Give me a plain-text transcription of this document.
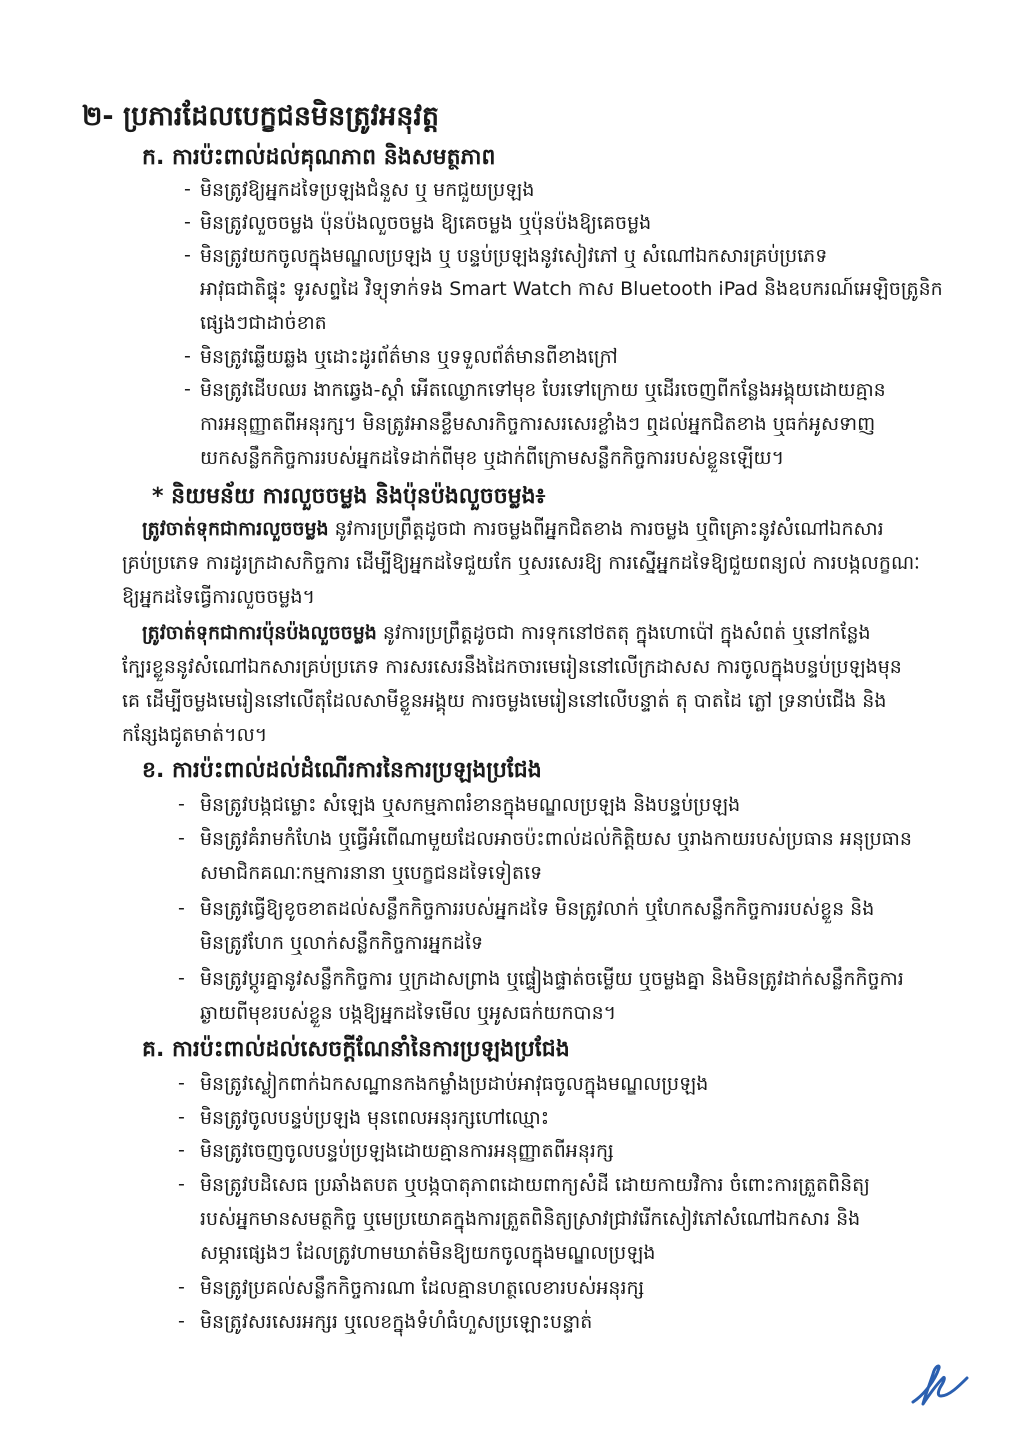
២- ប្រភារដែលបេក្ខជនមិនត្រូវអនុវត្ត
ក. ការប៉ះពាល់ដល់គុណភាព និងសមត្ថភាព
- មិនត្រូវឱ្យអ្នកដទៃប្រឡងជំនួស ឬ មកជួយប្រឡង
- មិនត្រូវលួចចម្លង ប៉ុនប៉ងលួចចម្លង ឱ្យគេចម្លង ឬប៉ុនប៉ងឱ្យគេចម្លង
- មិនត្រូវយកចូលក្នុងមណ្ឌលប្រឡង ឬ បន្ទប់ប្រឡងនូវសៀវភៅ ឬ សំណៅឯកសារគ្រប់ប្រភេទ
អាវុធជាតិផ្ទុះ ទូរសព្ទដៃ វិទ្យុទាក់ទង Smart Watch កាស Bluetooth iPad និងឧបករណ៍អេឡិចត្រូនិក
ផ្សេងៗជាដាច់ខាត
- មិនត្រូវឆ្លើយឆ្លង ឬដោះដូរព័ត៌មាន ឬទទួលព័ត៌មានពីខាងក្រៅ
- មិនត្រូវដើបឈរ ងាកឆ្វេង-ស្តាំ អើតឈ្ងោកទៅមុខ បែរទៅក្រោយ ឬដើរចេញពីកន្លែងអង្គុយដោយគ្មាន
ការអនុញ្ញាតពីអនុរក្ស។ មិនត្រូវអានខ្លឹមសារកិច្ចការសរសេរខ្លាំងៗ ឮដល់អ្នកជិតខាង ឬធក់អូសទាញ
យកសន្លឹកកិច្ចការរបស់អ្នកដទៃដាក់ពីមុខ ឬដាក់ពីក្រោមសន្លឹកកិច្ចការរបស់ខ្លួនឡើយ។
* និយមន័យ ការលួចចម្លង និងប៉ុនប៉ងលួចចម្លង៖
ត្រូវចាត់ទុកជាការលួចចម្លង នូវការប្រព្រឹត្តដូចជា ការចម្លងពីអ្នកជិតខាង ការចម្លង ឬពិគ្រោះនូវសំណៅឯកសារ
គ្រប់ប្រភេទ ការដូរក្រដាសកិច្ចការ ដើម្បីឱ្យអ្នកដទៃជួយកែ ឬសរសេរឱ្យ ការស្នើអ្នកដទៃឱ្យជួយពន្យល់ ការបង្កលក្ខណៈ
ឱ្យអ្នកដទៃធ្វើការលួចចម្លង។
ត្រូវចាត់ទុកជាការប៉ុនប៉ងលួចចម្លង នូវការប្រព្រឹត្តដូចជា ការទុកនៅថតតុ ក្នុងហោប៉ៅ ក្នុងសំពត់ ឬនៅកន្លែង
ក្បែរខ្លួននូវសំណៅឯកសារគ្រប់ប្រភេទ ការសរសេរនឹងដៃកចារមេរៀននៅលើក្រដាសស ការចូលក្នុងបន្ទប់ប្រឡងមុន
គេ ដើម្បីចម្លងមេរៀននៅលើតុដែលសាមីខ្លួនអង្គុយ ការចម្លងមេរៀននៅលើបន្ទាត់ តុ បាតដៃ ភ្លៅ ទ្រនាប់ជើង និង
កន្សែងជូតមាត់។ល។
ខ. ការប៉ះពាល់ដល់ដំណើរការនៃការប្រឡងប្រជែង
- មិនត្រូវបង្កជម្លោះ សំឡេង ឬសកម្មភាពរំខានក្នុងមណ្ឌលប្រឡង និងបន្ទប់ប្រឡង
- មិនត្រូវគំរាមកំហែង ឬធ្វើអំពើណាមួយដែលអាចប៉ះពាល់ដល់កិត្តិយស ឬរាងកាយរបស់ប្រធាន អនុប្រធាន
សមាជិកគណៈកម្មការនានា ឬបេក្ខជនដទៃទៀតទេ
- មិនត្រូវធ្វើឱ្យខូចខាតដល់សន្លឹកកិច្ចការរបស់អ្នកដទៃ មិនត្រូវលាក់ ឬហែកសន្លឹកកិច្ចការរបស់ខ្លួន និង
មិនត្រូវហែក ឬលាក់សន្លឹកកិច្ចការអ្នកដទៃ
- មិនត្រូវប្តូរគ្នានូវសន្លឹកកិច្ចការ ឬក្រដាសព្រាង ឬផ្ទៀងផ្ទាត់ចម្លើយ ឬចម្លងគ្នា និងមិនត្រូវដាក់សន្លឹកកិច្ចការ
ឆ្ងាយពីមុខរបស់ខ្លួន បង្កឱ្យអ្នកដទៃមើល ឬអូសធក់យកបាន។
គ. ការប៉ះពាល់ដល់សេចក្តីណែនាំនៃការប្រឡងប្រជែង
- មិនត្រូវស្លៀកពាក់ឯកសណ្ឋានកងកម្លាំងប្រដាប់អាវុធចូលក្នុងមណ្ឌលប្រឡង
- មិនត្រូវចូលបន្ទប់ប្រឡង មុនពេលអនុរក្សហៅឈ្មោះ
- មិនត្រូវចេញចូលបន្ទប់ប្រឡងដោយគ្មានការអនុញ្ញាតពីអនុរក្ស
- មិនត្រូវបដិសេធ ប្រឆាំងតបត ឬបង្កបាតុភាពដោយពាក្យសំដី ដោយកាយវិការ ចំពោះការត្រួតពិនិត្យ
របស់អ្នកមានសមត្ថកិច្ច ឬមេប្រយោគក្នុងការត្រួតពិនិត្យស្រាវជ្រាវរើកសៀវភៅសំណៅឯកសារ និង
សម្ភារផ្សេងៗ ដែលត្រូវហាមឃាត់មិនឱ្យយកចូលក្នុងមណ្ឌលប្រឡង
- មិនត្រូវប្រគល់សន្លឹកកិច្ចការណា ដែលគ្មានហត្ថលេខារបស់អនុរក្ស
- មិនត្រូវសរសេរអក្សរ ឬលេខក្នុងទំហំធំហួសប្រឡោះបន្ទាត់
